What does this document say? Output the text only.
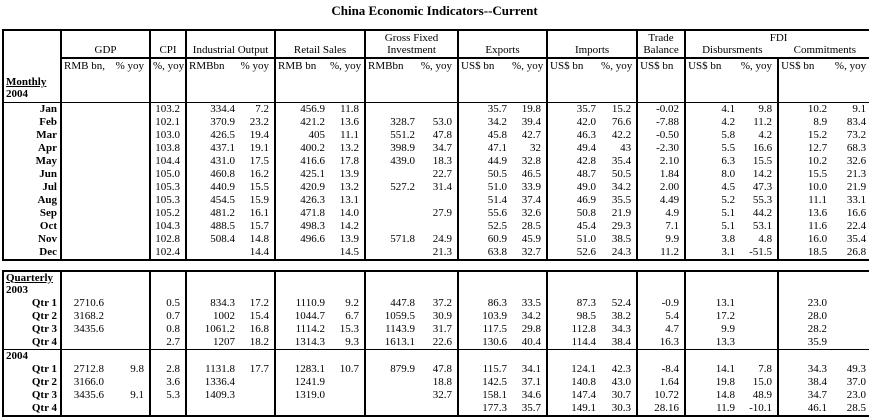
China Economic Indicators--Current
	GDP		CPI	Industrial Output		Retail Sales		Gross Fixed Investment		Exports		Imports		Trade Balance	FDI
Disbursments Commitments			

	RMB bn,	% yoy	%, yoy	RMBbn	% yoy	RMB bn	%, yoy	RMBbn	%, yoy	US$ bn	%, yoy	US$ bn	%, yoy	US$ bn	US$ bn	%, yoy	US$ bn	%, yoy

Monthly
2004																		

Jan			103.2	334.4	7.2	456.9	11.8			35.7	19.8	35.7	15.2	-0.02	4.1	9.8	10.2	9.1
Feb			102.1	370.9	23.2	421.2	13.6	328.7	53.0	34.2	39.4	42.0	76.6	-7.88	4.2	11.2	8.9	83.4
Mar			103.0	426.5	19.4	405	11.1	551.2	47.8	45.8	42.7	46.3	42.2	-0.50	5.8	4.2	15.2	73.2
Apr			103.8	437.1	19.1	400.2	13.2	398.9	34.7	47.1	32	49.4	43	-2.30	5.5	16.6	12.7	68.3
May			104.4	431.0	17.5	416.6	17.8	439.0	18.3	44.9	32.8	42.8	35.4	2.10	6.3	15.5	10.2	32.6
Jun			105.0	460.8	16.2	425.1	13.9		22.7	50.5	46.5	48.7	50.5	1.84	8.0	14.2	15.5	21.3
Jul			105.3	440.9	15.5	420.9	13.2	527.2	31.4	51.0	33.9	49.0	34.2	2.00	4.5	47.3	10.0	21.9
Aug			105.3	454.5	15.9	426.3	13.1			51.4	37.4	46.9	35.5	4.49	5.2	55.3	11.1	33.1
Sep			105.2	481.2	16.1	471.8	14.0		27.9	55.6	32.6	50.8	21.9	4.9	5.1	44.2	13.6	16.6
Oct			104.3	488.5	15.7	498.3	14.2			52.5	28.5	45.4	29.3	7.1	5.1	53.1	11.6	22.4
Nov			102.8	508.4	14.8	496.6	13.9	571.8	24.9	60.9	45.9	51.0	38.5	9.9	3.8	4.8	16.0	35.4
Dec			102.4		14.4		14.5		21.3	63.8	32.7	52.6	24.3	11.2	3.1	-51.5	18.5	26.8
Quarterly
2003																		

Qtr 1	2710.6		0.5	834.3	17.2	1110.9	9.2	447.8	37.2	86.3	33.5	87.3	52.4	-0.9	13.1		23.0	
Qtr 2	3168.2		0.7	1002	15.4	1044.7	6.7	1059.5	30.9	103.9	34.2	98.5	38.2	5.4	17.2		28.0	
Qtr 3	3435.6		0.8	1061.2	16.8	1114.2	15.3	1143.9	31.7	117.5	29.8	112.8	34.3	4.7	9.9		28.2	
Qtr 4			2.7	1207	18.2	1314.3	9.3	1613.1	22.6	130.6	40.4	114.4	38.4	16.3	13.3		35.9	
2004																		
Qtr 1	2712.8	9.8	2.8	1131.8	17.7	1283.1	10.7	879.9	47.8	115.7	34.1	124.1	42.3	-8.4	14.1	7.8	34.3	49.3
Qtr 2	3166.0		3.6	1336.4		1241.9			18.8	142.5	37.1	140.8	43.0	1.64	19.8	15.0	38.4	37.0
Qtr 3	3435.6	9.1	5.3	1409.3		1319.0			32.7	158.1	34.6	147.4	30.7	10.72	14.8	48.9	34.7	23.0
Qtr 4										177.3	35.7	149.1	30.3	28.16	11.9	-10.1	46.1	28.5
